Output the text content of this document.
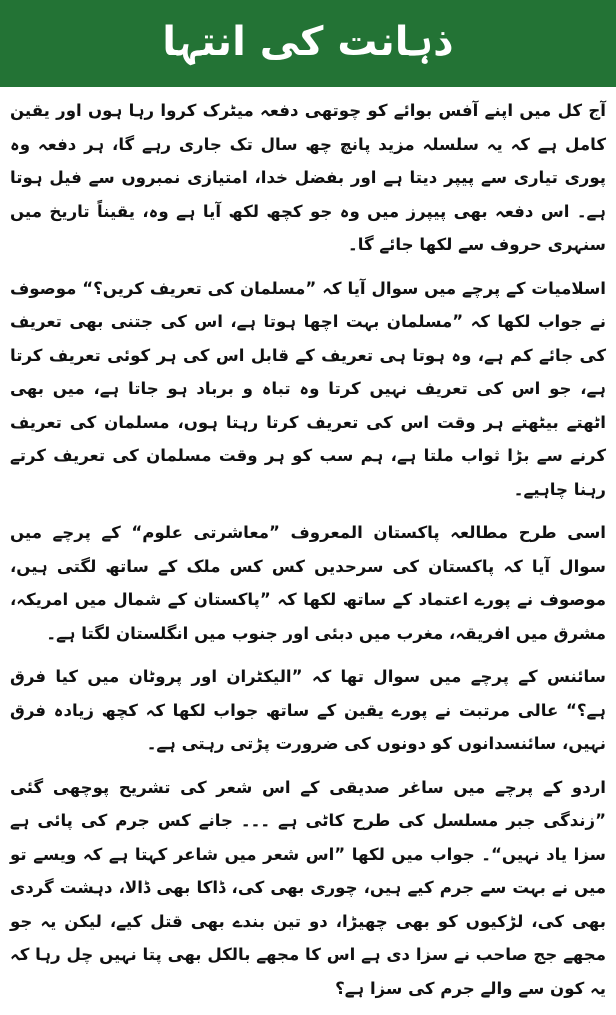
ذہانت کی انتہا

آج کل میں اپنے آفس بوائے کو چوتھی دفعہ میٹرک کروا رہا ہوں اور یقین کامل ہے کہ یہ سلسلہ مزید پانچ چھ سال تک جاری رہے گا، ہر دفعہ وہ پوری تیاری سے پیپر دیتا ہے اور بفضل خدا، امتیازی نمبروں سے فیل ہوتا ہے۔ اس دفعہ بھی پیپرز میں وہ جو کچھ لکھ آیا ہے وہ، یقیناً تاریخ میں سنہری حروف سے لکھا جائے گا۔

اسلامیات کے پرچے میں سوال آیا کہ ”مسلمان کی تعریف کریں؟“ موصوف نے جواب لکھا کہ ”مسلمان بہت اچھا ہوتا ہے، اس کی جتنی بھی تعریف کی جائے کم ہے، وہ ہوتا ہی تعریف کے قابل اس کی ہر کوئی تعریف کرتا ہے، جو اس کی تعریف نہیں کرتا وہ تباہ و برباد ہو جاتا ہے، میں بھی اٹھتے بیٹھتے ہر وقت اس کی تعریف کرتا رہتا ہوں، مسلمان کی تعریف کرنے سے بڑا ثواب ملتا ہے، ہم سب کو ہر وقت مسلمان کی تعریف کرتے رہنا چاہیے۔

اسی طرح مطالعہ پاکستان المعروف ”معاشرتی علوم“ کے پرچے میں سوال آیا کہ پاکستان کی سرحدیں کس کس ملک کے ساتھ لگتی ہیں، موصوف نے پورے اعتماد کے ساتھ لکھا کہ ”پاکستان کے شمال میں امریکہ، مشرق میں افریقہ، مغرب میں دبئی اور جنوب میں انگلستان لگتا ہے۔

سائنس کے پرچے میں سوال تھا کہ ”الیکٹران اور پروٹان میں کیا فرق ہے؟“ عالی مرتبت نے پورے یقین کے ساتھ جواب لکھا کہ کچھ زیادہ فرق نہیں، سائنسدانوں کو دونوں کی ضرورت پڑتی رہتی ہے۔

اردو کے پرچے میں ساغر صدیقی کے اس شعر کی تشریح پوچھی گئی ”زندگی جبر مسلسل کی طرح کاٹی ہے ۔۔۔ جانے کس جرم کی پائی ہے سزا یاد نہیں“۔ جواب میں لکھا ”اس شعر میں شاعر کہتا ہے کہ ویسے تو میں نے بہت سے جرم کیے ہیں، چوری بھی کی، ڈاکا بھی ڈالا، دہشت گردی بھی کی، لڑکیوں کو بھی چھیڑا، دو تین بندے بھی قتل کیے، لیکن یہ جو مجھے جج صاحب نے سزا دی ہے اس کا مجھے بالکل بھی پتا نہیں چل رہا کہ یہ کون سے والے جرم کی سزا ہے؟
